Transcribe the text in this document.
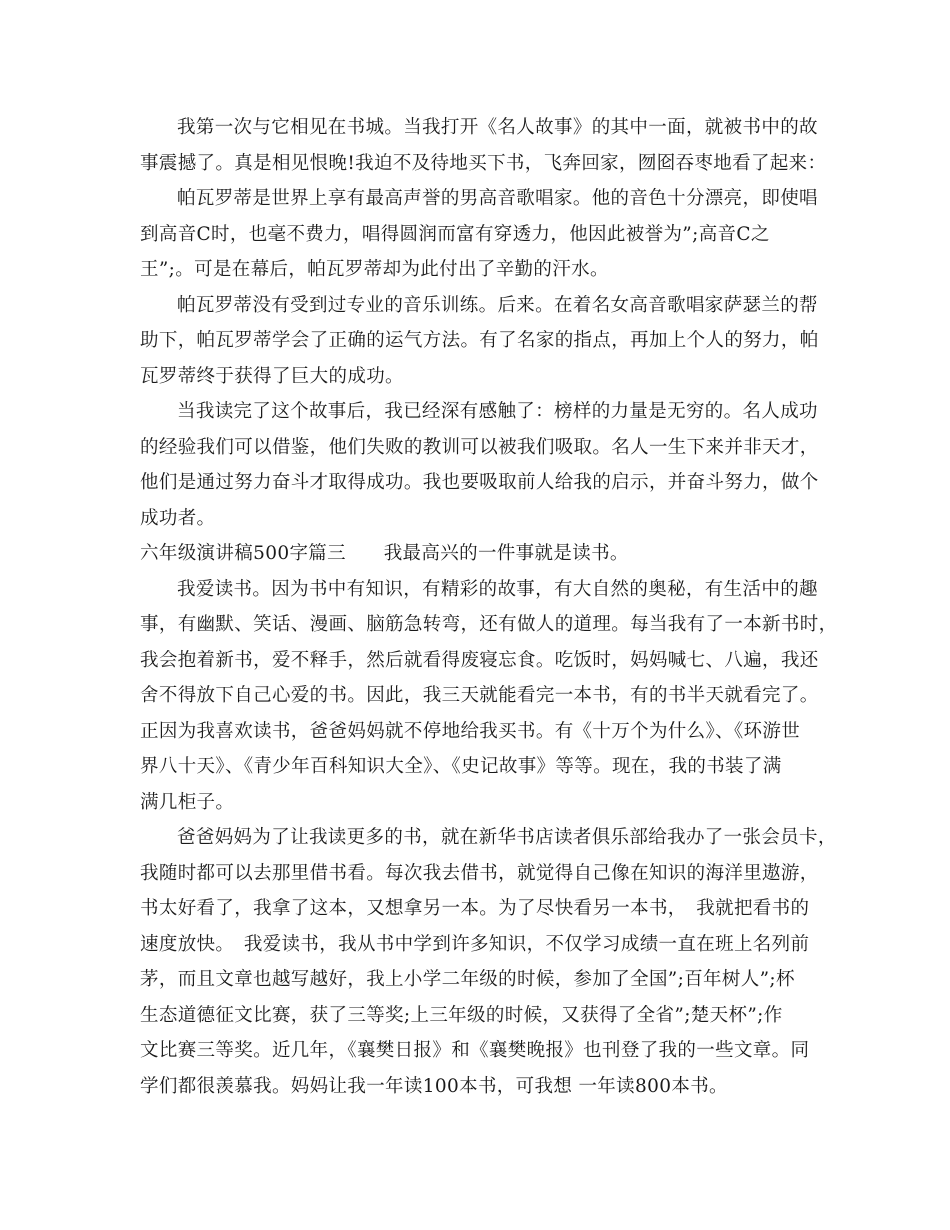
我第一次与它相见在书城。当我打开《名人故事》的其中一面，就被书中的故
事震撼了。真是相见恨晚!我迫不及待地买下书，飞奔回家，囫囵吞枣地看了起来：
帕瓦罗蒂是世界上享有最高声誉的男高音歌唱家。他的音色十分漂亮，即使唱
到高音C时，也毫不费力，唱得圆润而富有穿透力，他因此被誉为”;高音C之
王”;。可是在幕后，帕瓦罗蒂却为此付出了辛勤的汗水。
帕瓦罗蒂没有受到过专业的音乐训练。后来。在着名女高音歌唱家萨瑟兰的帮
助下，帕瓦罗蒂学会了正确的运气方法。有了名家的指点，再加上个人的努力，帕
瓦罗蒂终于获得了巨大的成功。
当我读完了这个故事后，我已经深有感触了：榜样的力量是无穷的。名人成功
的经验我们可以借鉴，他们失败的教训可以被我们吸取。名人一生下来并非天才，
他们是通过努力奋斗才取得成功。我也要吸取前人给我的启示，并奋斗努力，做个
成功者。
六年级演讲稿500字篇三　　我最高兴的一件事就是读书。
我爱读书。因为书中有知识，有精彩的故事，有大自然的奥秘，有生活中的趣
事，有幽默、笑话、漫画、脑筋急转弯，还有做人的道理。每当我有了一本新书时，
我会抱着新书，爱不释手，然后就看得废寝忘食。吃饭时，妈妈喊七、八遍，我还
舍不得放下自己心爱的书。因此，我三天就能看完一本书，有的书半天就看完了。
正因为我喜欢读书，爸爸妈妈就不停地给我买书。有《十万个为什么》、《环游世
界八十天》、《青少年百科知识大全》、《史记故事》等等。现在，我的书装了满
满几柜子。
爸爸妈妈为了让我读更多的书，就在新华书店读者俱乐部给我办了一张会员卡，
我随时都可以去那里借书看。每次我去借书，就觉得自己像在知识的海洋里遨游，
书太好看了，我拿了这本，又想拿另一本。为了尽快看另一本书，　我就把看书的
速度放快。　我爱读书，我从书中学到许多知识，不仅学习成绩一直在班上名列前
茅，而且文章也越写越好，我上小学二年级的时候，参加了全国”;百年树人”;杯
生态道德征文比赛，获了三等奖;上三年级的时候，又获得了全省”;楚天杯”;作
文比赛三等奖。近几年，《襄樊日报》和《襄樊晚报》也刊登了我的一些文章。同
学们都很羡慕我。妈妈让我一年读100本书，可我想 一年读800本书。
